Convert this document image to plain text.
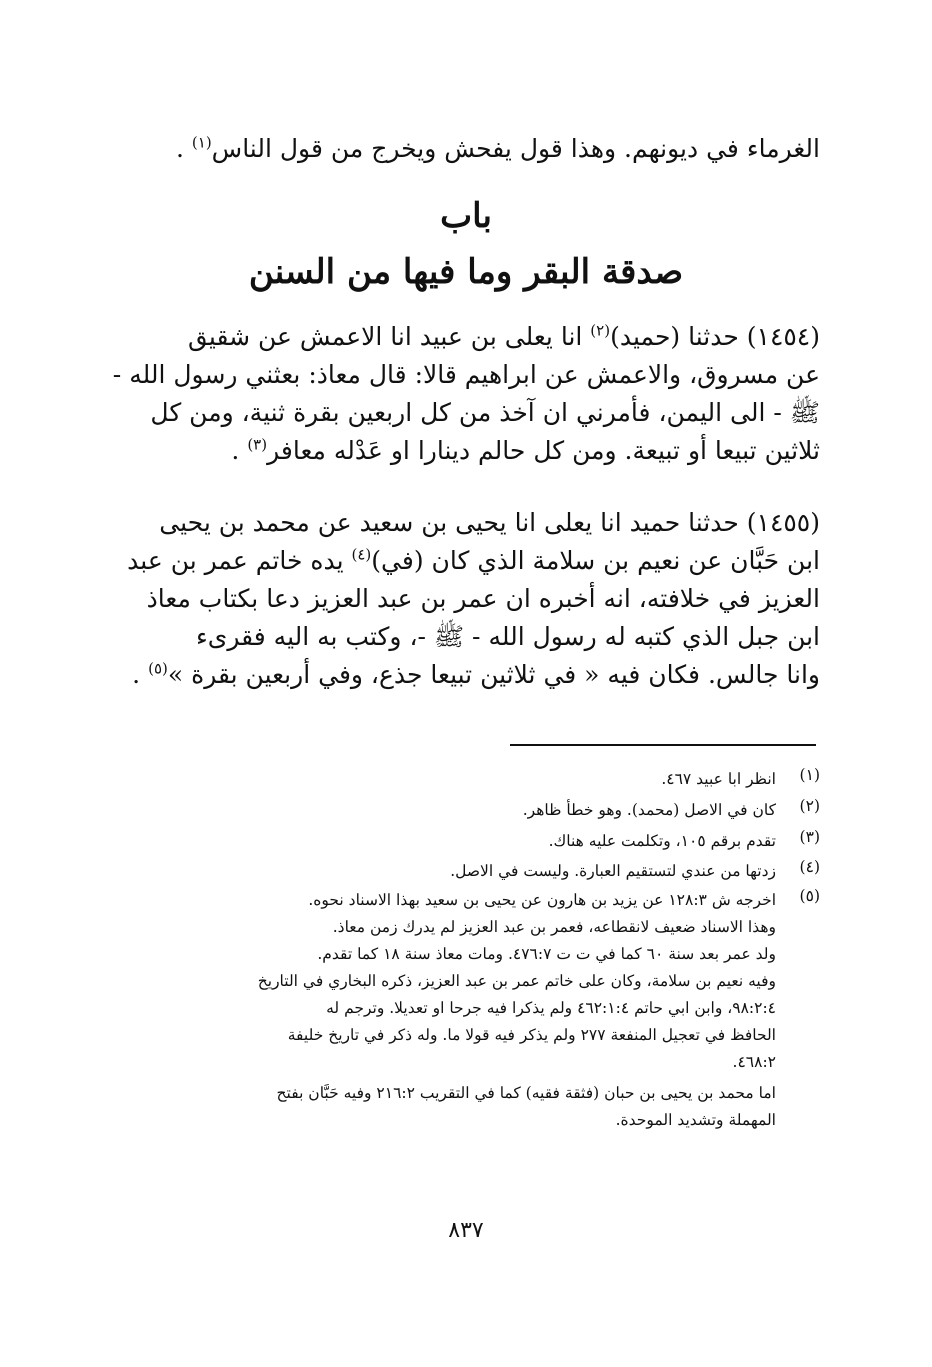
الغرماء في ديونهم. وهذا قول يفحش ويخرج من قول الناس$^{(١)}$ .
باب
صدقة البقر وما فيها من السنن
(١٤٥٤) حدثنا (حميد)$^{(٢)}$ انا يعلى بن عبيد انا الاعمش عن شقيق
عن مسروق، والاعمش عن ابراهيم قالا: قال معاذ: بعثني رسول الله -
ﷺ - الى اليمن، فأمرني ان آخذ من كل اربعين بقرة ثنية، ومن كل
ثلاثين تبيعا أو تبيعة. ومن كل حالم دينارا او عَدْله معافر$^{(٣)}$ .
(١٤٥٥) حدثنا حميد انا يعلى انا يحيى بن سعيد عن محمد بن يحيى
ابن حَبَّان عن نعيم بن سلامة الذي كان (في)$^{(٤)}$ يده خاتم عمر بن عبد
العزيز في خلافته، انه أخبره ان عمر بن عبد العزيز دعا بكتاب معاذ
ابن جبل الذي كتبه له رسول الله - ﷺ -، وكتب به اليه فقرىء
وانا جالس. فكان فيه « في ثلاثين تبيعا جذع، وفي أربعين بقرة »$^{(٥)}$ .
(١)
انظر ابا عبيد ٤٦٧.
(٢)
كان في الاصل (محمد). وهو خطأ ظاهر.
(٣)
تقدم برقم ١٠٥، وتكلمت عليه هناك.
(٤)
زدتها من عندي لتستقيم العبارة. وليست في الاصل.
(٥)
اخرجه ش ١٢٨:٣ عن يزيد بن هارون عن يحيى بن سعيد بهذا الاسناد نحوه.
وهذا الاسناد ضعيف لانقطاعه، فعمر بن عبد العزيز لم يدرك زمن معاذ.
ولد عمر بعد سنة ٦٠ كما في ت ت ٤٧٦:٧. ومات معاذ سنة ١٨ كما تقدم.
وفيه نعيم بن سلامة، وكان على خاتم عمر بن عبد العزيز، ذكره البخاري في التاريخ
٩٨:٢:٤، وابن ابي حاتم ٤٦٢:١:٤ ولم يذكرا فيه جرحا او تعديلا. وترجم له
الحافظ في تعجيل المنفعة ٢٧٧ ولم يذكر فيه قولا ما. وله ذكر في تاريخ خليفة
٤٦٨:٢.
اما محمد بن يحيى بن حبان (فثقة فقيه) كما في التقريب ٢١٦:٢ وفيه حَبَّان بفتح
المهملة وتشديد الموحدة.
٨٣٧
